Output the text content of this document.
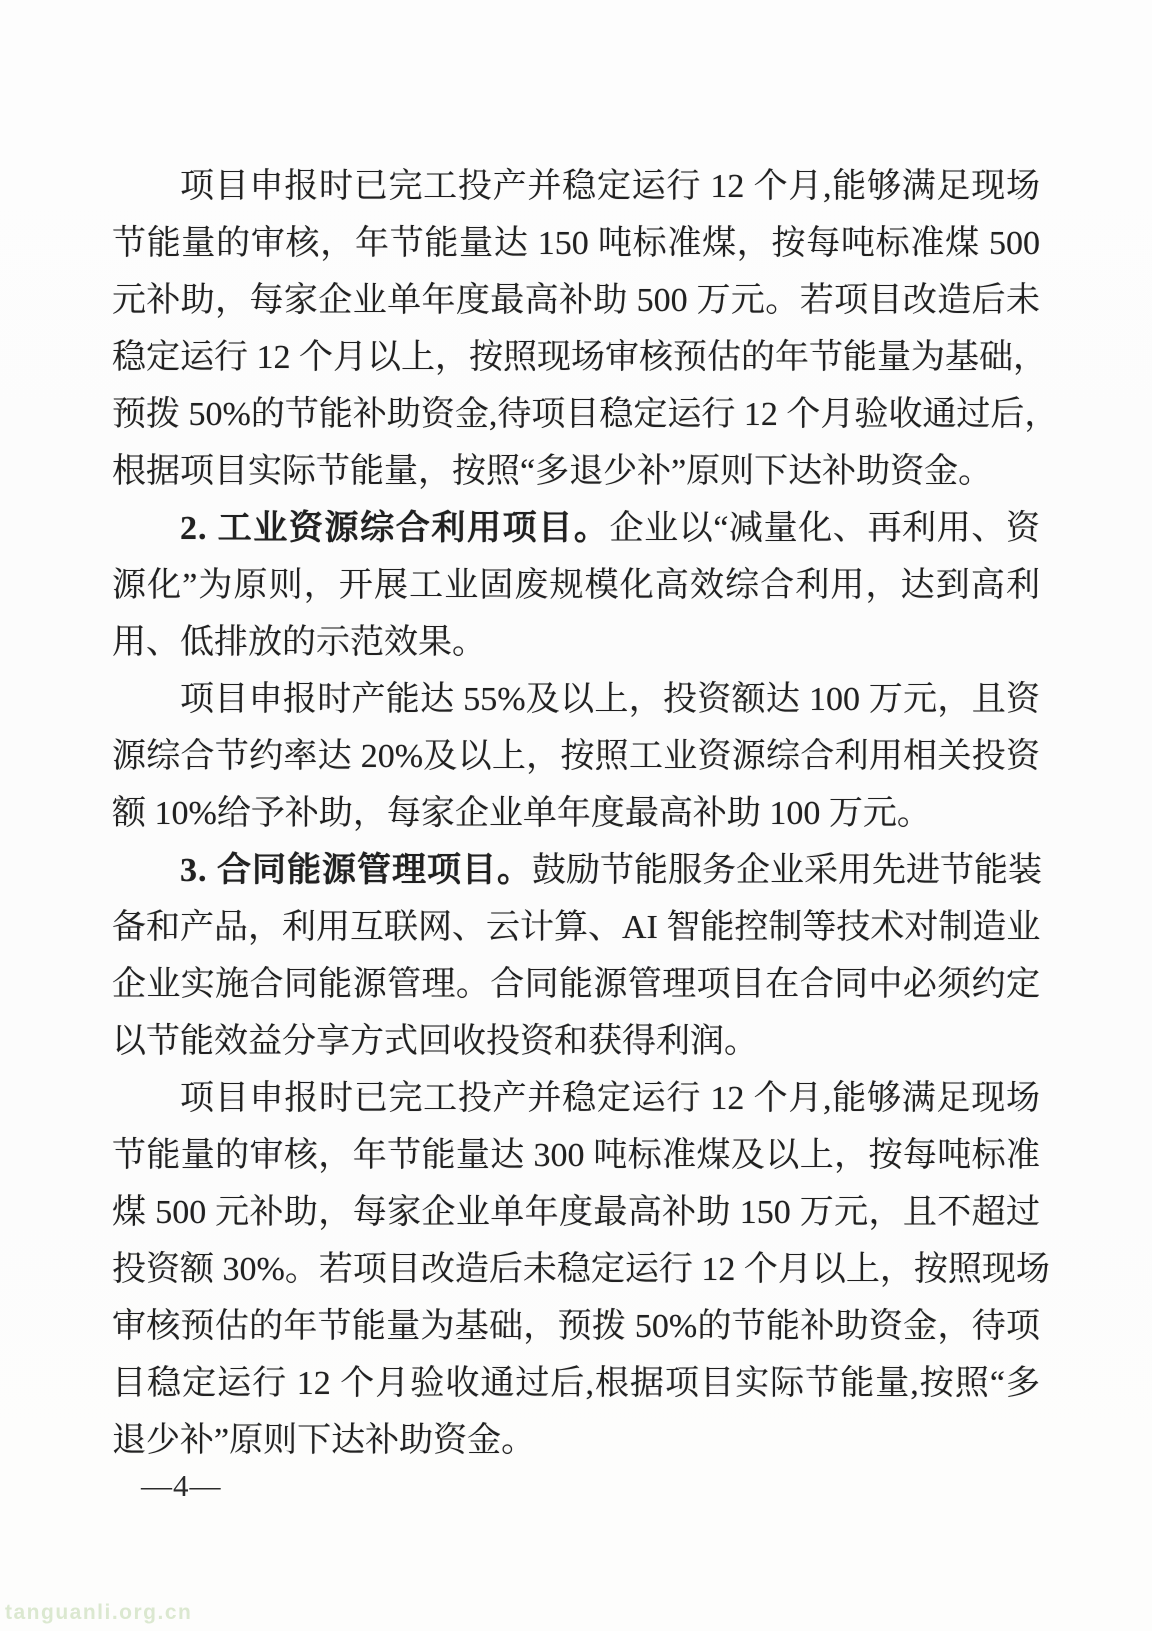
项目申报时已完工投产并稳定运行 12 个月,能够满足现场
节能量的审核，年节能量达 150 吨标准煤，按每吨标准煤 500
元补助，每家企业单年度最高补助 500 万元。若项目改造后未
稳定运行 12 个月以上，按照现场审核预估的年节能量为基础，
预拨 50%的节能补助资金,待项目稳定运行 12 个月验收通过后，
根据项目实际节能量，按照“多退少补”原则下达补助资金。
2. 工业资源综合利用项目。企业以“减量化、再利用、资
源化”为原则，开展工业固废规模化高效综合利用，达到高利
用、低排放的示范效果。
项目申报时产能达 55%及以上，投资额达 100 万元，且资
源综合节约率达 20%及以上，按照工业资源综合利用相关投资
额 10%给予补助，每家企业单年度最高补助 100 万元。
3. 合同能源管理项目。鼓励节能服务企业采用先进节能装
备和产品，利用互联网、云计算、AI 智能控制等技术对制造业
企业实施合同能源管理。合同能源管理项目在合同中必须约定
以节能效益分享方式回收投资和获得利润。
项目申报时已完工投产并稳定运行 12 个月,能够满足现场
节能量的审核，年节能量达 300 吨标准煤及以上，按每吨标准
煤 500 元补助，每家企业单年度最高补助 150 万元，且不超过
投资额 30%。若项目改造后未稳定运行 12 个月以上，按照现场
审核预估的年节能量为基础，预拨 50%的节能补助资金，待项
目稳定运行 12 个月验收通过后,根据项目实际节能量,按照“多
退少补”原则下达补助资金。
—4—
tanguanli.org.cn
